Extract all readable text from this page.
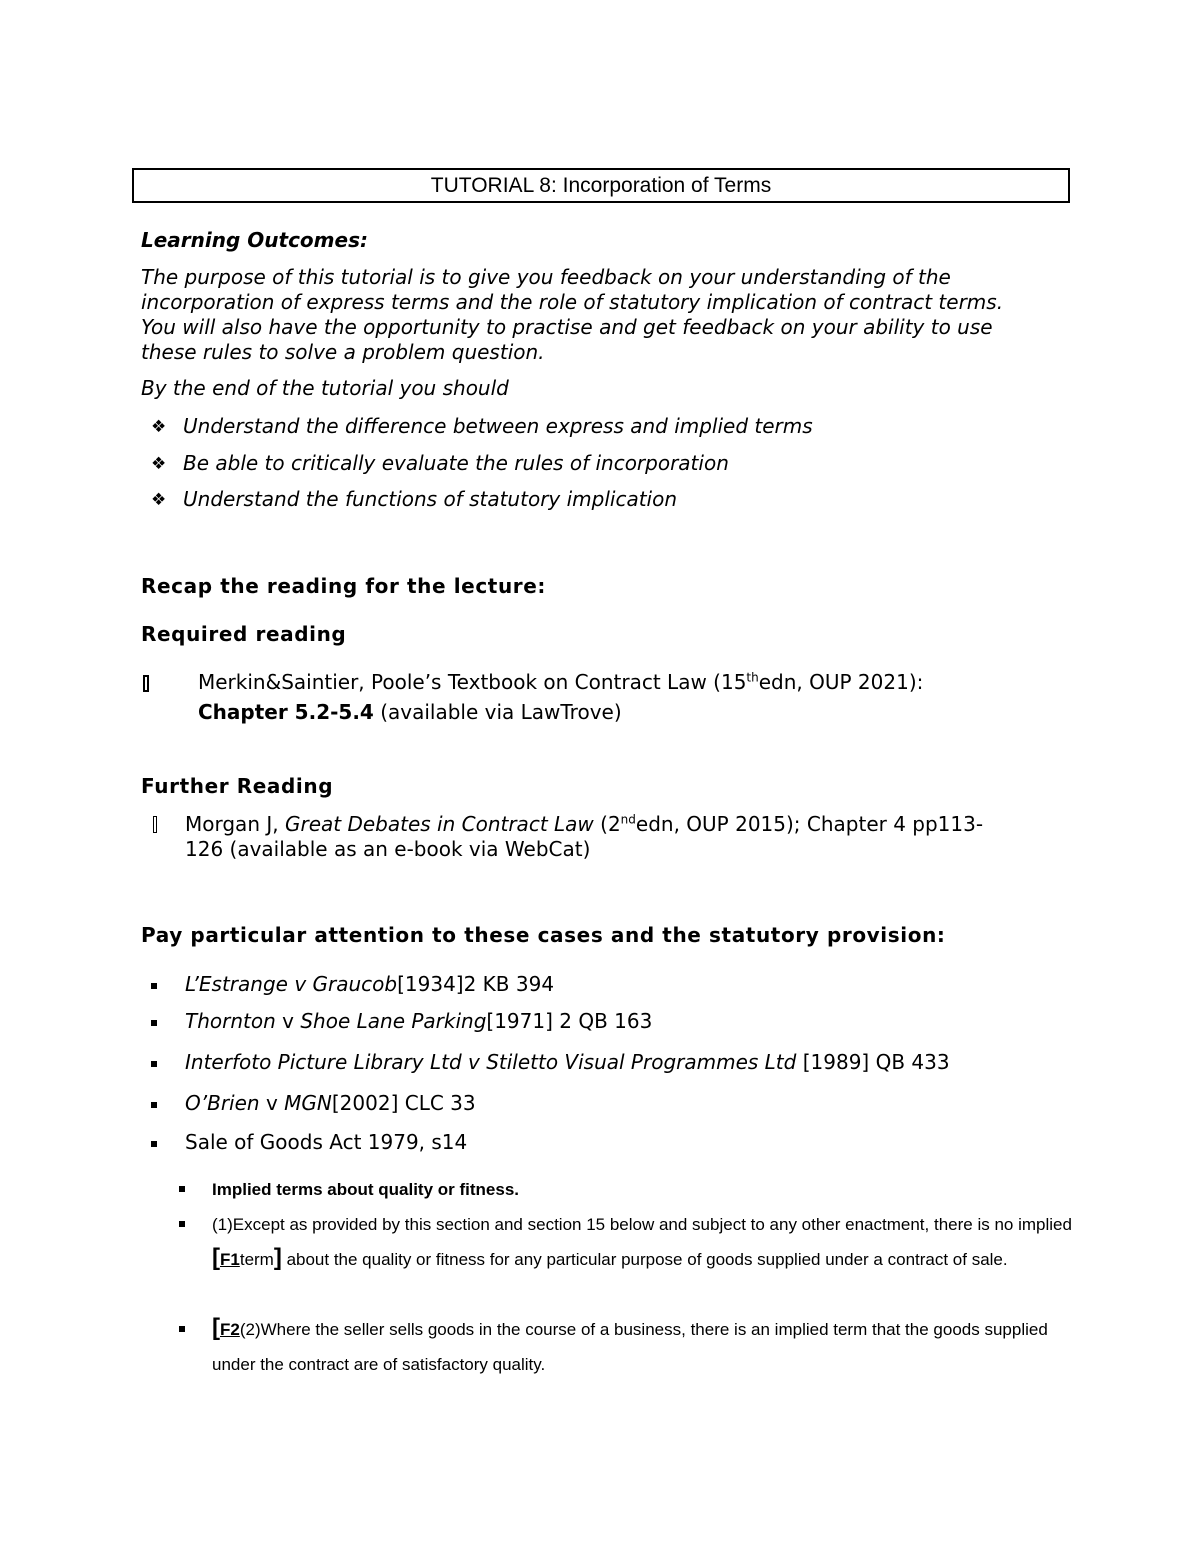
TUTORIAL 8: Incorporation of Terms
Learning Outcomes:
The purpose of this tutorial is to give you feedback on your understanding of the incorporation of express terms and the role of statutory implication of contract terms. You will also have the opportunity to practise and get feedback on your ability to use these rules to solve a problem question.
By the end of the tutorial you should
❖ Understand the difference between express and implied terms
❖ Be able to critically evaluate the rules of incorporation
❖ Understand the functions of statutory implication
Recap the reading for the lecture:
Required reading
Merkin&Saintier, Poole’s Textbook on Contract Law (15thedn, OUP 2021):
Chapter 5.2-5.4 (available via LawTrove)
Further Reading
Morgan J, Great Debates in Contract Law (2ndedn, OUP 2015); Chapter 4 pp113-
126 (available as an e-book via WebCat)
Pay particular attention to these cases and the statutory provision:
L’Estrange v Graucob[1934]2 KB 394
Thornton v Shoe Lane Parking[1971] 2 QB 163
Interfoto Picture Library Ltd v Stiletto Visual Programmes Ltd [1989] QB 433
O’Brien v MGN[2002] CLC 33
Sale of Goods Act 1979, s14
Implied terms about quality or fitness.
(1)Except as provided by this section and section 15 below and subject to any other enactment, there is no implied [F1term] about the quality or fitness for any particular purpose of goods supplied under a contract of sale.
[F2(2)Where the seller sells goods in the course of a business, there is an implied term that the goods supplied under the contract are of satisfactory quality.
